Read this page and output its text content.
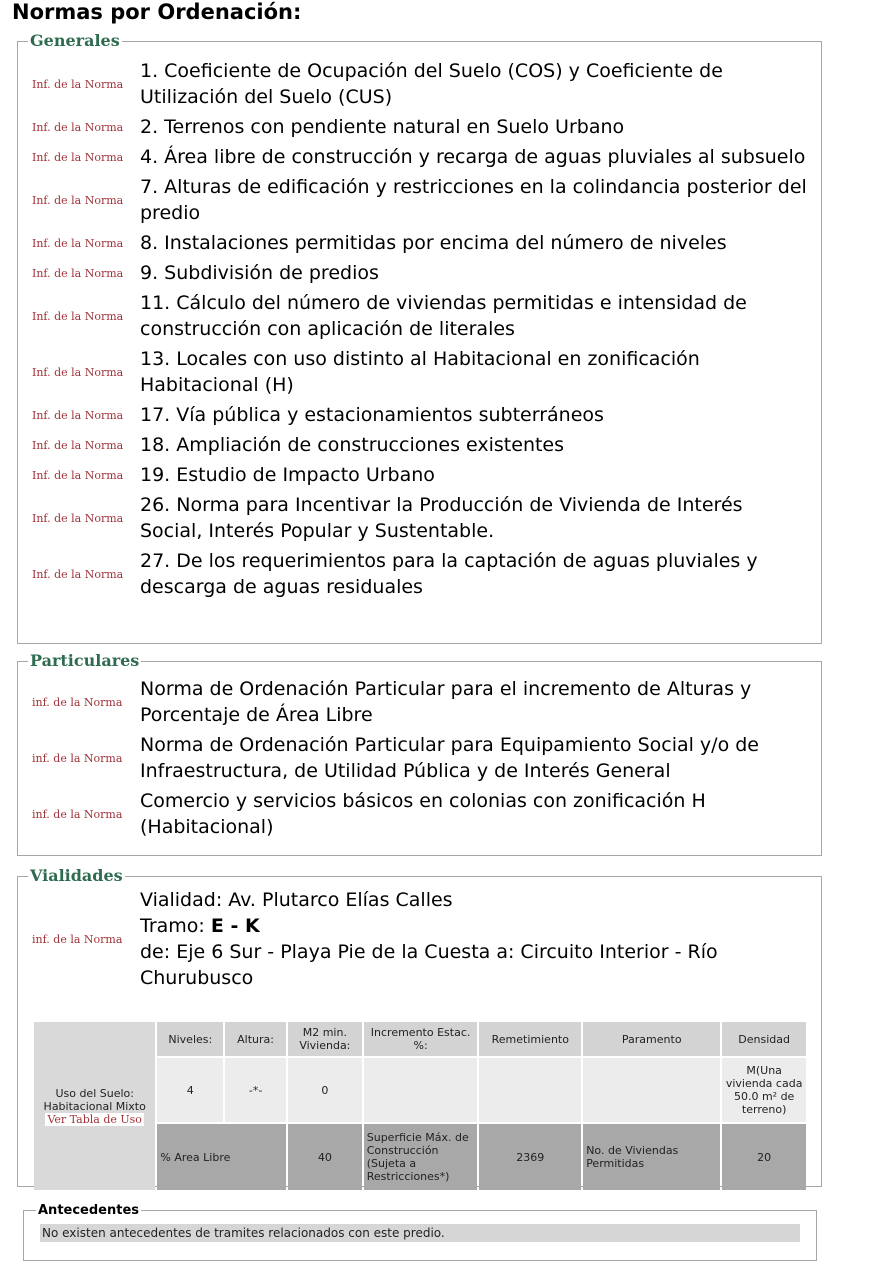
Normas por Ordenación:
Generales
Inf. de la Norma
1. Coeficiente de Ocupación del Suelo (COS) y Coeficiente de Utilización del Suelo (CUS)
Inf. de la Norma 2. Terrenos con pendiente natural en Suelo Urbano
Inf. de la Norma 4. Área libre de construcción y recarga de aguas pluviales al subsuelo
Inf. de la Norma
7. Alturas de edificación y restricciones en la colindancia posterior del predio
Inf. de la Norma 8. Instalaciones permitidas por encima del número de niveles
Inf. de la Norma 9. Subdivisión de predios
Inf. de la Norma
11. Cálculo del número de viviendas permitidas e intensidad de construcción con aplicación de literales
Inf. de la Norma
13. Locales con uso distinto al Habitacional en zonificación Habitacional (H)
Inf. de la Norma 17. Vía pública y estacionamientos subterráneos
Inf. de la Norma 18. Ampliación de construcciones existentes
Inf. de la Norma 19. Estudio de Impacto Urbano
Inf. de la Norma
26. Norma para Incentivar la Producción de Vivienda de Interés Social, Interés Popular y Sustentable.
Inf. de la Norma
27. De los requerimientos para la captación de aguas pluviales y descarga de aguas residuales
Particulares
inf. de la Norma
Norma de Ordenación Particular para el incremento de Alturas y Porcentaje de Área Libre
inf. de la Norma
Norma de Ordenación Particular para Equipamiento Social y/o de Infraestructura, de Utilidad Pública y de Interés General
inf. de la Norma
Comercio y servicios básicos en colonias con zonificación H (Habitacional)
Vialidades
inf. de la Norma
Vialidad: Av. Plutarco Elías Calles
Tramo: E - K
de: Eje 6 Sur - Playa Pie de la Cuesta a: Circuito Interior - Río Churubusco
Uso del Suelo:
Habitacional Mixto
Ver Tabla de Uso	Niveles:	Altura:	M2 min. Vivienda:	Incremento Estac. %:	Remetimiento	Paramento	Densidad
	4	-*-	0				M(Una vivienda cada 50.0 m² de terreno)
	% Area Libre		40	Superficie Máx. de Construcción (Sujeta a Restricciones*)	2369	No. de Viviendas Permitidas	20
Antecedentes
No existen antecedentes de tramites relacionados con este predio.
